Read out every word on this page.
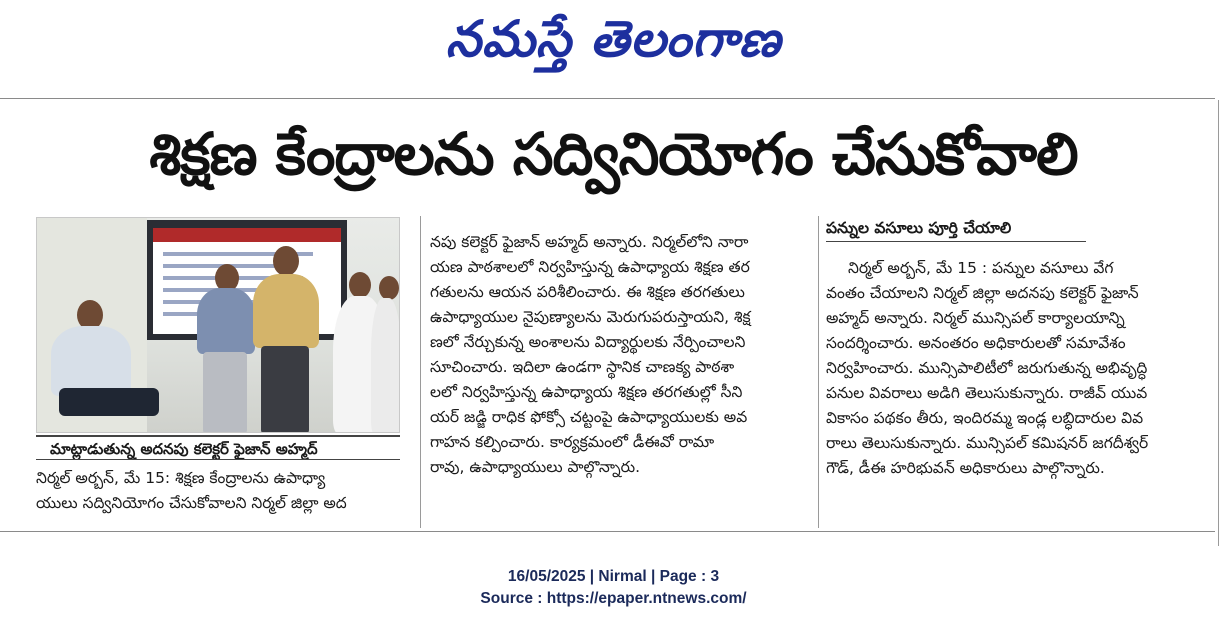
నమస్తే తెలంగాణ
శిక్షణ కేంద్రాలను సద్వినియోగం చేసుకోవాలి
మాట్లాడుతున్న అదనపు కలెక్టర్ ఫైజాన్ అహ్మద్
నిర్మల్ అర్బన్, మే 15: శిక్షణ కేంద్రాలను ఉపాధ్యా
యులు సద్వినియోగం చేసుకోవాలని నిర్మల్ జిల్లా అద
నపు కలెక్టర్ ఫైజాన్ అహ్మద్ అన్నారు. నిర్మల్‌లోని నారా
యణ పాఠశాలలో నిర్వహిస్తున్న ఉపాధ్యాయ శిక్షణ తర
గతులను ఆయన పరిశీలించారు. ఈ శిక్షణ తరగతులు
ఉపాధ్యాయుల నైపుణ్యాలను మెరుగుపరుస్తాయని, శిక్ష
ణలో నేర్చుకున్న అంశాలను విద్యార్థులకు నేర్పించాలని
సూచించారు. ఇదిలా ఉండగా స్థానిక చాణక్య పాఠశా
లలో నిర్వహిస్తున్న ఉపాధ్యాయ శిక్షణ తరగతుల్లో సీని
యర్ జడ్జి రాధిక ఫోక్సో చట్టంపై ఉపాధ్యాయులకు అవ
గాహన కల్పించారు. కార్యక్రమంలో డీఈవో రామా
రావు, ఉపాధ్యాయులు పాల్గొన్నారు.
పన్నుల వసూలు పూర్తి చేయాలి
నిర్మల్ అర్బన్, మే 15 : పన్నుల వసూలు వేగ
వంతం చేయాలని నిర్మల్ జిల్లా అదనపు కలెక్టర్ ఫైజాన్
అహ్మద్ అన్నారు. నిర్మల్ మున్సిపల్ కార్యాలయాన్ని
సందర్శించారు. అనంతరం అధికారులతో సమావేశం
నిర్వహించారు. మున్సిపాలిటీలో జరుగుతున్న అభివృద్ధి
పనుల వివరాలు అడిగి తెలుసుకున్నారు. రాజీవ్ యువ
వికాసం పథకం తీరు, ఇందిరమ్మ ఇండ్ల లబ్ధిదారుల వివ
రాలు తెలుసుకున్నారు. మున్సిపల్ కమిషనర్ జగదీశ్వర్
గౌడ్, డీఈ హరిభువన్ అధికారులు పాల్గొన్నారు.
16/05/2025 | Nirmal | Page : 3
Source : https://epaper.ntnews.com/
